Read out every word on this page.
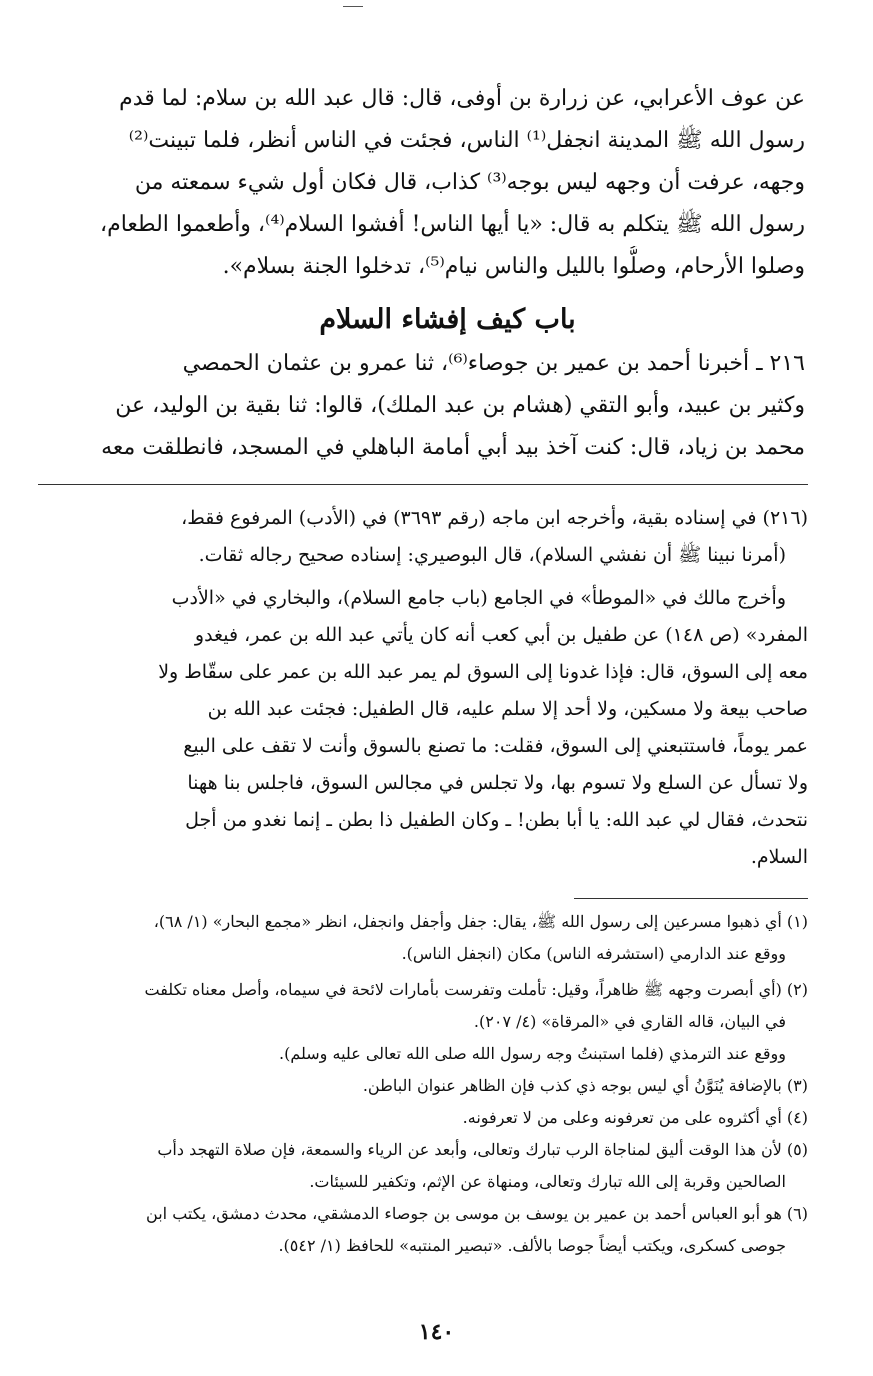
عن عوف الأعرابي، عن زرارة بن أوفى، قال: قال عبد الله بن سلام: لما قدم
رسول الله ﷺ المدينة انجفل⁽¹⁾ الناس، فجئت في الناس أنظر، فلما تبينت⁽²⁾
وجهه، عرفت أن وجهه ليس بوجه⁽³⁾ كذاب، قال فكان أول شيء سمعته من
رسول الله ﷺ يتكلم به قال: «يا أيها الناس! أفشوا السلام⁽⁴⁾، وأطعموا الطعام،
وصلوا الأرحام، وصلُّوا بالليل والناس نيام⁽⁵⁾، تدخلوا الجنة بسلام».
باب كيف إفشاء السلام
٢١٦ ـ أخبرنا أحمد بن عمير بن جوصاء⁽⁶⁾، ثنا عمرو بن عثمان الحمصي
وكثير بن عبيد، وأبو التقي (هشام بن عبد الملك)، قالوا: ثنا بقية بن الوليد، عن
محمد بن زياد، قال: كنت آخذ بيد أبي أمامة الباهلي في المسجد، فانطلقت معه
(٢١٦) في إسناده بقية، وأخرجه ابن ماجه (رقم ٣٦٩٣) في (الأدب) المرفوع فقط،
(أمرنا نبينا ﷺ أن نفشي السلام)، قال البوصيري: إسناده صحيح رجاله ثقات.
وأخرج مالك في «الموطأ» في الجامع (باب جامع السلام)، والبخاري في «الأدب
المفرد» (ص ١٤٨) عن طفيل بن أبي كعب أنه كان يأتي عبد الله بن عمر، فيغدو
معه إلى السوق، قال: فإذا غدونا إلى السوق لم يمر عبد الله بن عمر على سقّاط ولا
صاحب بيعة ولا مسكين، ولا أحد إلا سلم عليه، قال الطفيل: فجئت عبد الله بن
عمر يوماً، فاستتبعني إلى السوق، فقلت: ما تصنع بالسوق وأنت لا تقف على البيع
ولا تسأل عن السلع ولا تسوم بها، ولا تجلس في مجالس السوق، فاجلس بنا ههنا
نتحدث، فقال لي عبد الله: يا أبا بطن! ـ وكان الطفيل ذا بطن ـ إنما نغدو من أجل
السلام.
(١) أي ذهبوا مسرعين إلى رسول الله ﷺ، يقال: جفل وأجفل وانجفل، انظر «مجمع البحار» (١/ ٦٨)،
ووقع عند الدارمي (استشرفه الناس) مكان (انجفل الناس).
(٢) (أي أبصرت وجهه ﷺ ظاهراً، وقيل: تأملت وتفرست بأمارات لائحة في سيماه، وأصل معناه تكلفت
في البيان، قاله القاري في «المرقاة» (٤/ ٢٠٧).
ووقع عند الترمذي (فلما استبنتُ وجه رسول الله صلى الله تعالى عليه وسلم).
(٣) بالإضافة يُنَوَّنُ أي ليس بوجه ذي كذب فإن الظاهر عنوان الباطن.
(٤) أي أكثروه على من تعرفونه وعلى من لا تعرفونه.
(٥) لأن هذا الوقت أليق لمناجاة الرب تبارك وتعالى، وأبعد عن الرياء والسمعة، فإن صلاة التهجد دأب
الصالحين وقربة إلى الله تبارك وتعالى، ومنهاة عن الإثم، وتكفير للسيئات.
(٦) هو أبو العباس أحمد بن عمير بن يوسف بن موسى بن جوصاء الدمشقي، محدث دمشق، يكتب ابن
جوصى كسكرى، ويكتب أيضاً جوصا بالألف. «تبصير المنتبه» للحافظ (١/ ٥٤٢).
١٤٠
